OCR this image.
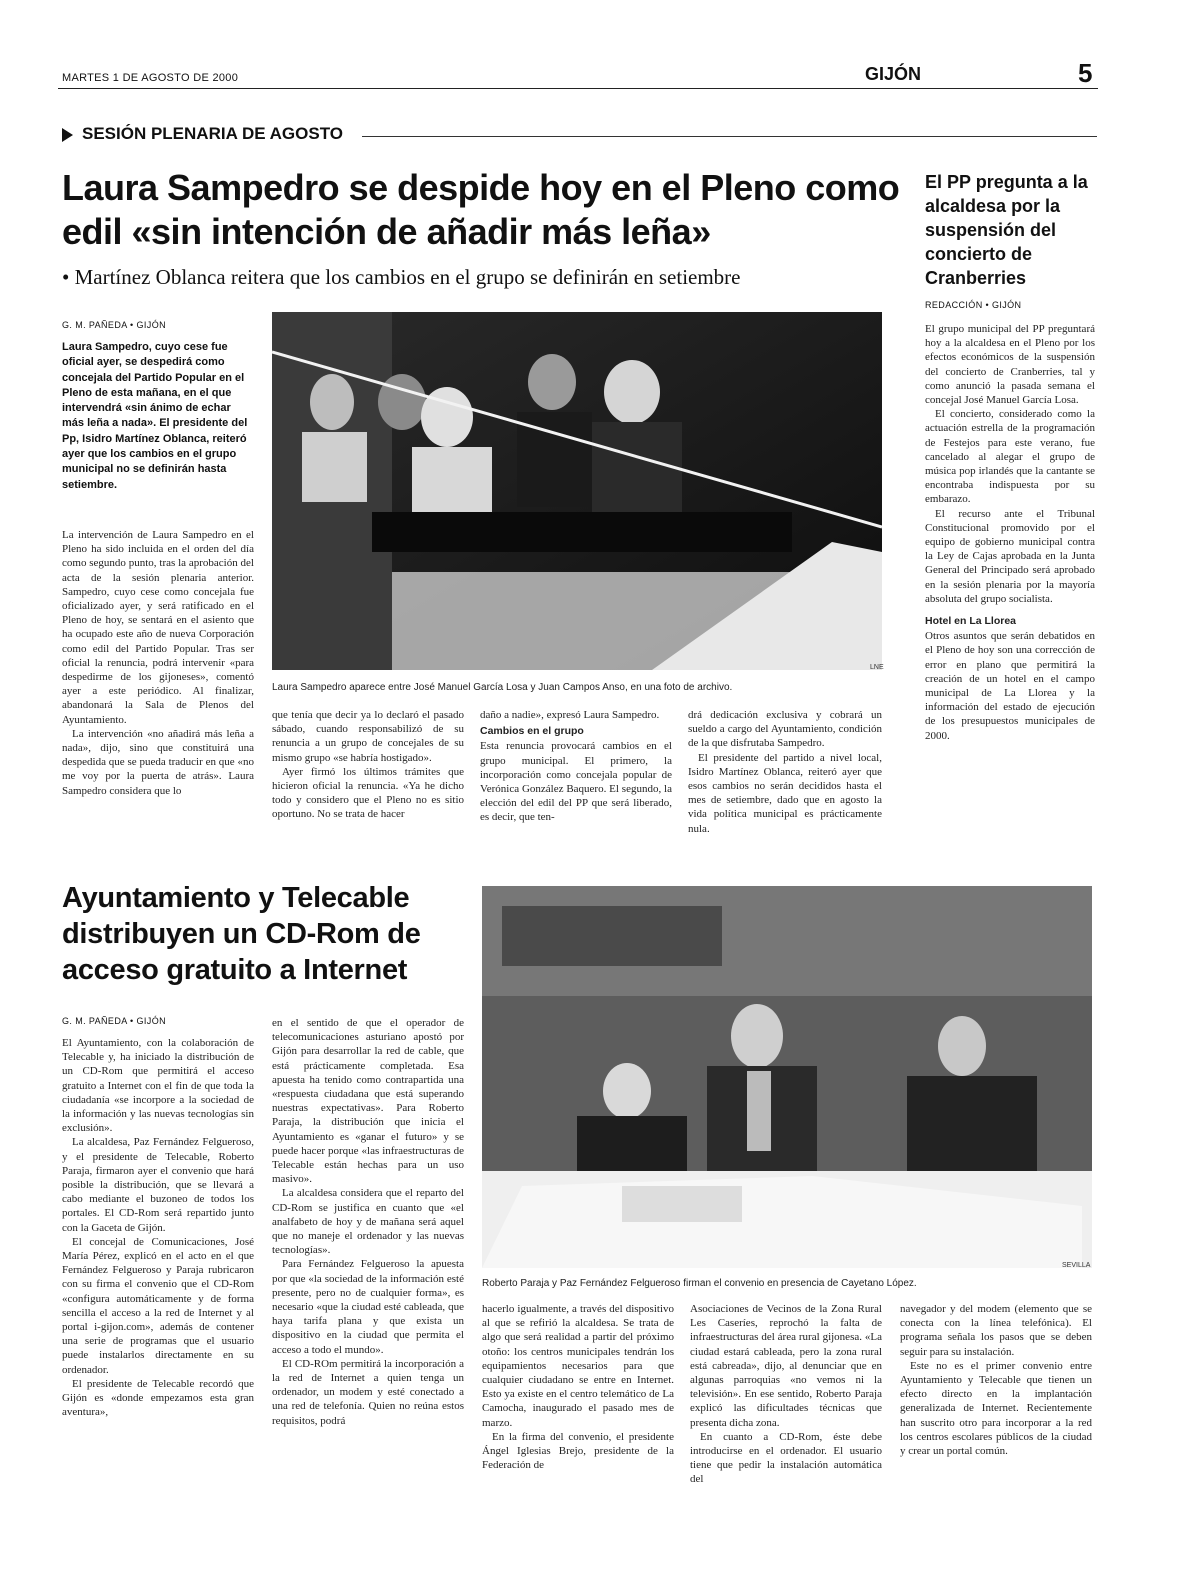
MARTES 1 DE AGOSTO DE 2000	GIJÓN	5
SESIÓN PLENARIA DE AGOSTO
Laura Sampedro se despide hoy en el Pleno como edil «sin intención de añadir más leña»
• Martínez Oblanca reitera que los cambios en el grupo se definirán en setiembre
G. M. PAÑEDA • GIJÓN
Laura Sampedro, cuyo cese fue oficial ayer, se despedirá como concejala del Partido Popular en el Pleno de esta mañana, en el que intervendrá «sin ánimo de echar más leña a nada». El presidente del Pp, Isidro Martínez Oblanca, reiteró ayer que los cambios en el grupo municipal no se definirán hasta setiembre.

La intervención de Laura Sampedro en el Pleno ha sido incluida en el orden del día como segundo punto, tras la aprobación del acta de la sesión plenaria anterior. Sampedro, cuyo cese como concejala fue oficializado ayer, y será ratificado en el Pleno de hoy, se sentará en el asiento que ha ocupado este año de nueva Corporación como edil del Partido Popular. Tras ser oficial la renuncia, podrá intervenir «para despedirme de los gijoneses», comentó ayer a este periódico. Al finalizar, abandonará la Sala de Plenos del Ayuntamiento.

La intervención «no añadirá más leña a nada», dijo, sino que constituirá una despedida que se pueda traducir en que «no me voy por la puerta de atrás». Laura Sampedro considera que lo

LNE
Laura Sampedro aparece entre José Manuel García Losa y Juan Campos Anso, en una foto de archivo.

que tenía que decir ya lo declaró el pasado sábado, cuando responsabilizó de su renuncia a un grupo de concejales de su mismo grupo «se habría hostigado».

Ayer firmó los últimos trámites que hicieron oficial la renuncia. «Ya he dicho todo y considero que el Pleno no es sitio oportuno. No se trata de hacer

daño a nadie», expresó Laura Sampedro.

Cambios en el grupo

Esta renuncia provocará cambios en el grupo municipal. El primero, la incorporación como concejala popular de Verónica González Baquero. El segundo, la elección del edil del PP que será liberado, es decir, que ten-

drá dedicación exclusiva y cobrará un sueldo a cargo del Ayuntamiento, condición de la que disfrutaba Sampedro.

El presidente del partido a nivel local, Isidro Martínez Oblanca, reiteró ayer que esos cambios no serán decididos hasta el mes de setiembre, dado que en agosto la vida política municipal es prácticamente nula.

El PP pregunta a la alcaldesa por la suspensión del concierto de Cranberries
REDACCIÓN • GIJÓN

El grupo municipal del PP preguntará hoy a la alcaldesa en el Pleno por los efectos económicos de la suspensión del concierto de Cranberries, tal y como anunció la pasada semana el concejal José Manuel García Losa.

El concierto, considerado como la actuación estrella de la programación de Festejos para este verano, fue cancelado al alegar el grupo de música pop irlandés que la cantante se encontraba indispuesta por su embarazo.

El recurso ante el Tribunal Constitucional promovido por el equipo de gobierno municipal contra la Ley de Cajas aprobada en la Junta General del Principado será aprobado en la sesión plenaria por la mayoría absoluta del grupo socialista.

Hotel en La Llorea

Otros asuntos que serán debatidos en el Pleno de hoy son una corrección de error en plano que permitirá la creación de un hotel en el campo municipal de La Llorea y la información del estado de ejecución de los presupuestos municipales de 2000.

Ayuntamiento y Telecable distribuyen un CD-Rom de acceso gratuito a Internet
G. M. PAÑEDA • GIJÓN

El Ayuntamiento, con la colaboración de Telecable y, ha iniciado la distribución de un CD-Rom que permitirá el acceso gratuito a Internet con el fin de que toda la ciudadanía «se incorpore a la sociedad de la información y las nuevas tecnologías sin exclusión».

La alcaldesa, Paz Fernández Felgueroso, y el presidente de Telecable, Roberto Paraja, firmaron ayer el convenio que hará posible la distribución, que se llevará a cabo mediante el buzoneo de todos los portales. El CD-Rom será repartido junto con la Gaceta de Gijón.

El concejal de Comunicaciones, José María Pérez, explicó en el acto en el que Fernández Felgueroso y Paraja rubricaron con su firma el convenio que el CD-Rom «configura automáticamente y de forma sencilla el acceso a la red de Internet y al portal i-gijon.com», además de contener una serie de programas que el usuario puede instalarlos directamente en su ordenador.

El presidente de Telecable recordó que Gijón es «donde empezamos esta gran aventura»,

en el sentido de que el operador de telecomunicaciones asturiano apostó por Gijón para desarrollar la red de cable, que está prácticamente completada. Esa apuesta ha tenido como contrapartida una «respuesta ciudadana que está superando nuestras expectativas». Para Roberto Paraja, la distribución que inicia el Ayuntamiento es «ganar el futuro» y se puede hacer porque «las infraestructuras de Telecable están hechas para un uso masivo».

La alcaldesa considera que el reparto del CD-Rom se justifica en cuanto que «el analfabeto de hoy y de mañana será aquel que no maneje el ordenador y las nuevas tecnologías».

Para Fernández Felgueroso la apuesta por que «la sociedad de la información esté presente, pero no de cualquier forma», es necesario «que la ciudad esté cableada, que haya tarifa plana y que exista un dispositivo en la ciudad que permita el acceso a todo el mundo».

El CD-ROm permitirá la incorporación a la red de Internet a quien tenga un ordenador, un modem y esté conectado a una red de telefonía. Quien no reúna estos requisitos, podrá

SEVILLA
Roberto Paraja y Paz Fernández Felgueroso firman el convenio en presencia de Cayetano López.

hacerlo igualmente, a través del dispositivo al que se refirió la alcaldesa. Se trata de algo que será realidad a partir del próximo otoño: los centros municipales tendrán los equipamientos necesarios para que cualquier ciudadano se entre en Internet. Esto ya existe en el centro telemático de La Camocha, inaugurado el pasado mes de marzo.

En la firma del convenio, el presidente Ángel Iglesias Brejo, presidente de la Federación de

Asociaciones de Vecinos de la Zona Rural Les Caseríes, reprochó la falta de infraestructuras del área rural gijonesa. «La ciudad estará cableada, pero la zona rural está cabreada», dijo, al denunciar que en algunas parroquias «no vemos ni la televisión». En ese sentido, Roberto Paraja explicó las dificultades técnicas que presenta dicha zona.

En cuanto a CD-Rom, éste debe introducirse en el ordenador. El usuario tiene que pedir la instalación automática del

navegador y del modem (elemento que se conecta con la línea telefónica). El programa señala los pasos que se deben seguir para su instalación.

Este no es el primer convenio entre Ayuntamiento y Telecable que tienen un efecto directo en la implantación generalizada de Internet. Recientemente han suscrito otro para incorporar a la red los centros escolares públicos de la ciudad y crear un portal común.
